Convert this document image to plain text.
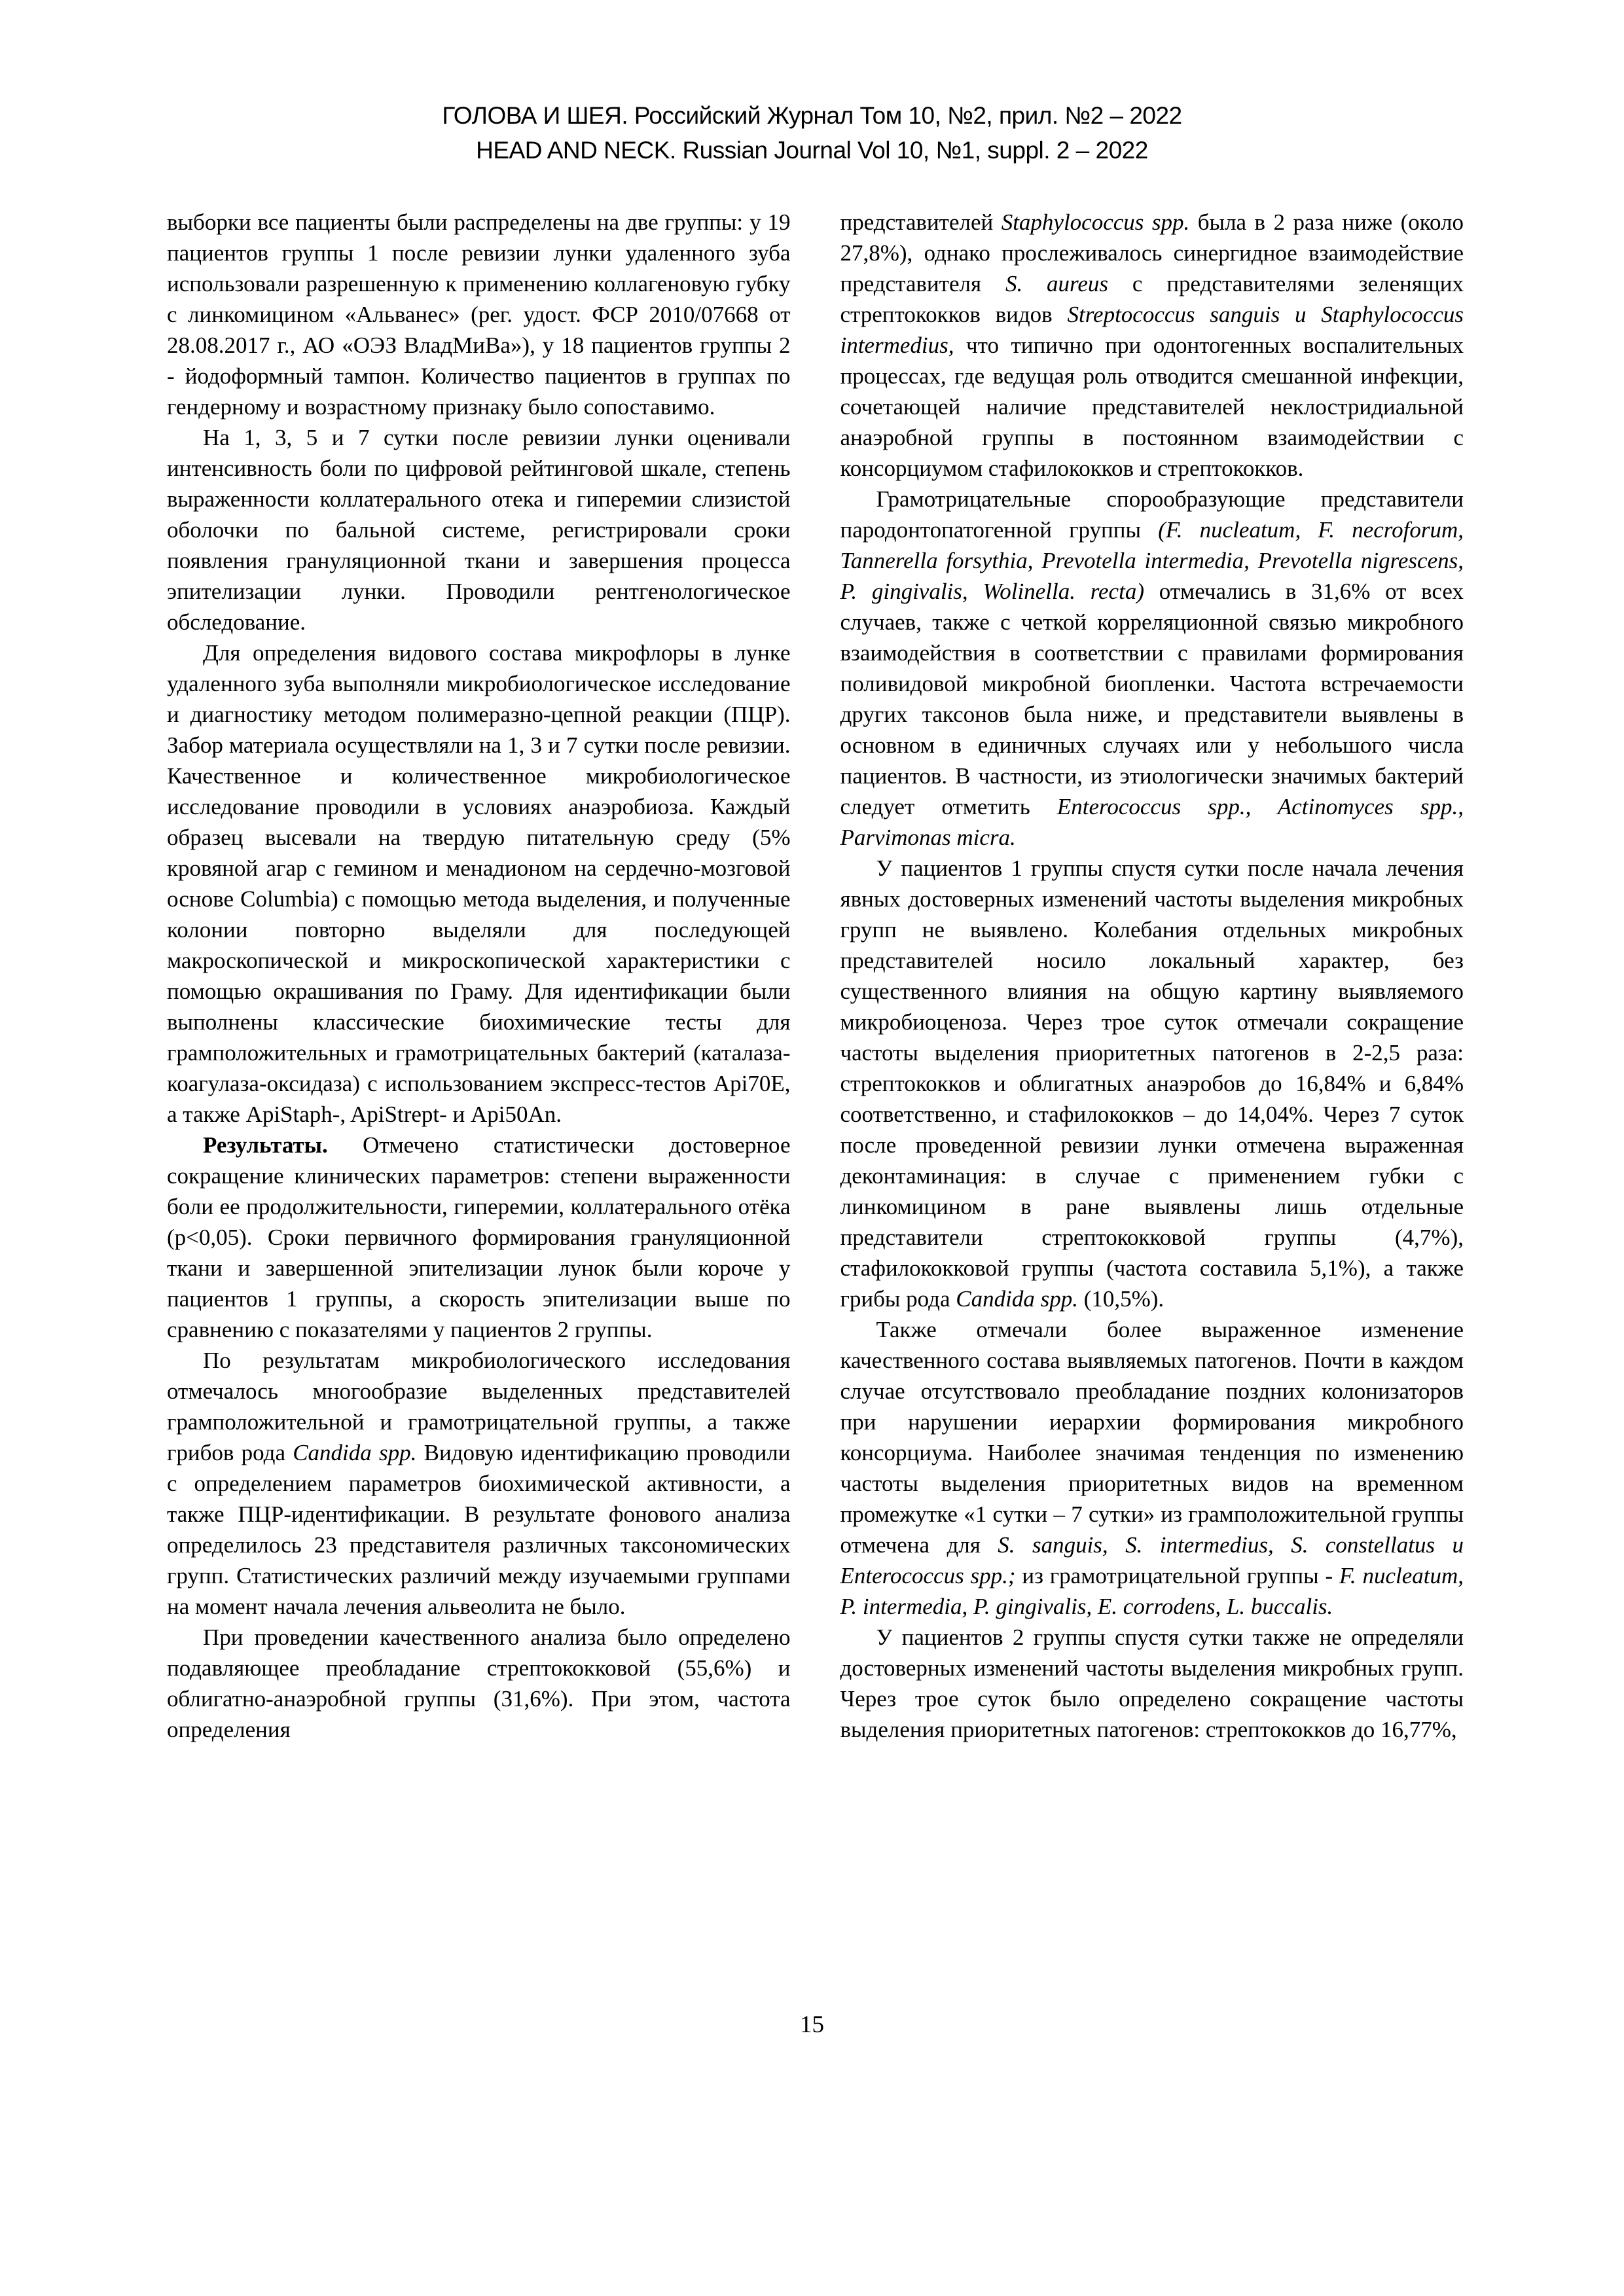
ГОЛОВА И ШЕЯ. Российский Журнал Том 10, №2, прил. №2 – 2022
HEAD AND NECK. Russian Journal Vol 10, №1, suppl. 2 – 2022

выборки все пациенты были распределены на две группы: у 19 пациентов группы 1 после ревизии лунки удаленного зуба использовали разрешенную к применению коллагеновую губку с линкомицином «Альванес» (рег. удост. ФСР 2010/07668 от 28.08.2017 г., АО «ОЭЗ ВладМиВа»), у 18 пациентов группы 2 - йодоформный тампон. Количество пациентов в группах по гендерному и возрастному признаку было сопоставимо.

На 1, 3, 5 и 7 сутки после ревизии лунки оценивали интенсивность боли по цифровой рейтинговой шкале, степень выраженности коллатерального отека и гиперемии слизистой оболочки по бальной системе, регистрировали сроки появления грануляционной ткани и завершения процесса эпителизации лунки. Проводили рентгенологическое обследование.

Для определения видового состава микрофлоры в лунке удаленного зуба выполняли микробиологическое исследование и диагностику методом полимеразно-цепной реакции (ПЦР). Забор материала осуществляли на 1, 3 и 7 сутки после ревизии. Качественное и количественное микробиологическое исследование проводили в условиях анаэробиоза. Каждый образец высевали на твердую питательную среду (5% кровяной агар с гемином и менадионом на сердечно-мозговой основе Columbia) с помощью метода выделения, и полученные колонии повторно выделяли для последующей макроскопической и микроскопической характеристики с помощью окрашивания по Граму. Для идентификации были выполнены классические биохимические тесты для грамположительных и грамотрицательных бактерий (каталаза-коагулаза-оксидаза) с использованием экспресс-тестов Api70E, а также ApiStaph-, ApiStrept- и Api50An.

Результаты. Отмечено статистически достоверное сокращение клинических параметров: степени выраженности боли ее продолжительности, гиперемии, коллатерального отёка (p<0,05). Сроки первичного формирования грануляционной ткани и завершенной эпителизации лунок были короче у пациентов 1 группы, а скорость эпителизации выше по сравнению с показателями у пациентов 2 группы.

По результатам микробиологического исследования отмечалось многообразие выделенных представителей грамположительной и грамотрицательной группы, а также грибов рода Candida spp. Видовую идентификацию проводили с определением параметров биохимической активности, а также ПЦР-идентификации. В результате фонового анализа определилось 23 представителя различных таксономических групп. Статистических различий между изучаемыми группами на момент начала лечения альвеолита не было.

При проведении качественного анализа было определено подавляющее преобладание стрептококковой (55,6%) и облигатно-анаэробной группы (31,6%). При этом, частота определения

представителей Staphylococcus spp. была в 2 раза ниже (около 27,8%), однако прослеживалось синергидное взаимодействие представителя S. aureus с представителями зеленящих стрептококков видов Streptococcus sanguis и Staphylococcus intermedius, что типично при одонтогенных воспалительных процессах, где ведущая роль отводится смешанной инфекции, сочетающей наличие представителей неклостридиальной анаэробной группы в постоянном взаимодействии с консорциумом стафилококков и стрептококков.

Грамотрицательные спорообразующие представители пародонтопатогенной группы (F. nucleatum, F. necroforum, Tannerella forsythia, Prevotella intermedia, Prevotella nigrescens, P. gingivalis, Wolinella. recta) отмечались в 31,6% от всех случаев, также с четкой корреляционной связью микробного взаимодействия в соответствии с правилами формирования поливидовой микробной биопленки. Частота встречаемости других таксонов была ниже, и представители выявлены в основном в единичных случаях или у небольшого числа пациентов. В частности, из этиологически значимых бактерий следует отметить Enterococcus spp., Actinomyces spp., Parvimonas micra.

У пациентов 1 группы спустя сутки после начала лечения явных достоверных изменений частоты выделения микробных групп не выявлено. Колебания отдельных микробных представителей носило локальный характер, без существенного влияния на общую картину выявляемого микробиоценоза. Через трое суток отмечали сокращение частоты выделения приоритетных патогенов в 2-2,5 раза: стрептококков и облигатных анаэробов до 16,84% и 6,84% соответственно, и стафилококков – до 14,04%. Через 7 суток после проведенной ревизии лунки отмечена выраженная деконтаминация: в случае с применением губки с линкомицином в ране выявлены лишь отдельные представители стрептококковой группы (4,7%), стафилококковой группы (частота составила 5,1%), а также грибы рода Candida spp. (10,5%).

Также отмечали более выраженное изменение качественного состава выявляемых патогенов. Почти в каждом случае отсутствовало преобладание поздних колонизаторов при нарушении иерархии формирования микробного консорциума. Наиболее значимая тенденция по изменению частоты выделения приоритетных видов на временном промежутке «1 сутки – 7 сутки» из грамположительной группы отмечена для S. sanguis, S. intermedius, S. constellatus и Enterococcus spp.; из грамотрицательной группы - F. nucleatum, P. intermedia, P. gingivalis, E. corrodens, L. buccalis.

У пациентов 2 группы спустя сутки также не определяли достоверных изменений частоты выделения микробных групп. Через трое суток было определено сокращение частоты выделения приоритетных патогенов: стрептококков до 16,77%,

15
